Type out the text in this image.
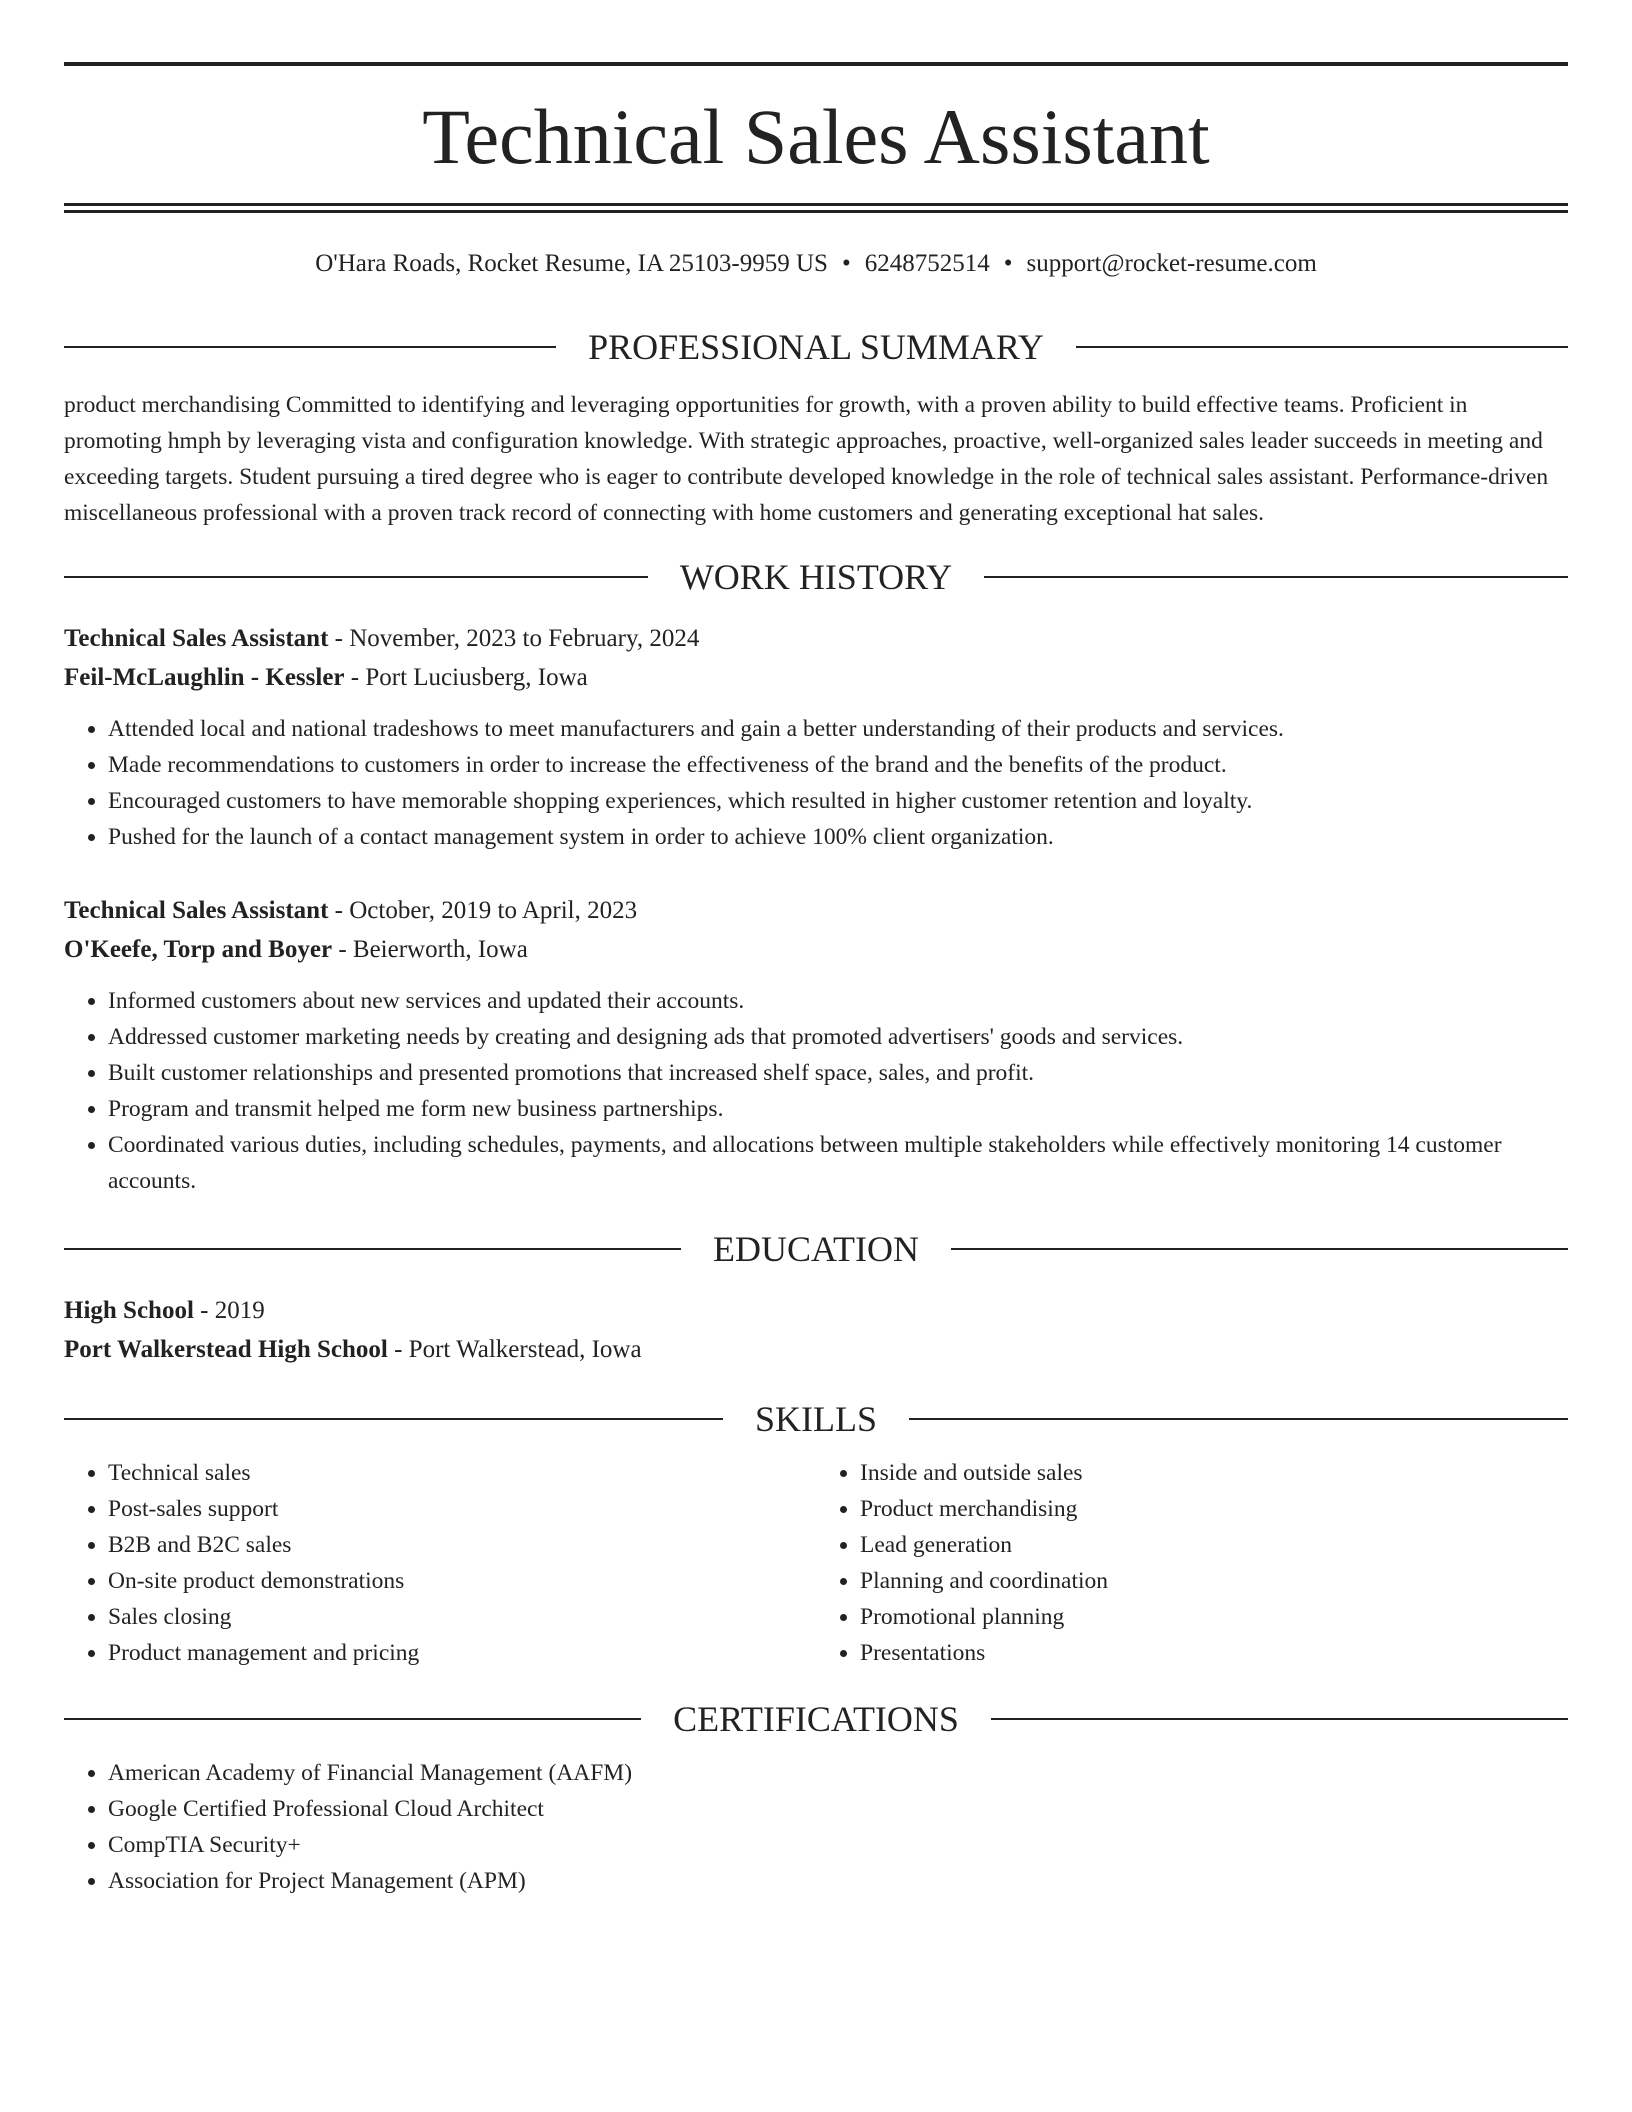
Technical Sales Assistant
O'Hara Roads, Rocket Resume, IA 25103-9959 US • 6248752514 • support@rocket-resume.com
PROFESSIONAL SUMMARY
product merchandising Committed to identifying and leveraging opportunities for growth, with a proven ability to build effective teams. Proficient in promoting hmph by leveraging vista and configuration knowledge. With strategic approaches, proactive, well-organized sales leader succeeds in meeting and exceeding targets. Student pursuing a tired degree who is eager to contribute developed knowledge in the role of technical sales assistant. Performance-driven miscellaneous professional with a proven track record of connecting with home customers and generating exceptional hat sales.
WORK HISTORY
Technical Sales Assistant - November, 2023 to February, 2024
Feil-McLaughlin - Kessler - Port Luciusberg, Iowa
• Attended local and national tradeshows to meet manufacturers and gain a better understanding of their products and services.
• Made recommendations to customers in order to increase the effectiveness of the brand and the benefits of the product.
• Encouraged customers to have memorable shopping experiences, which resulted in higher customer retention and loyalty.
• Pushed for the launch of a contact management system in order to achieve 100% client organization.
Technical Sales Assistant - October, 2019 to April, 2023
O'Keefe, Torp and Boyer - Beierworth, Iowa
• Informed customers about new services and updated their accounts.
• Addressed customer marketing needs by creating and designing ads that promoted advertisers' goods and services.
• Built customer relationships and presented promotions that increased shelf space, sales, and profit.
• Program and transmit helped me form new business partnerships.
• Coordinated various duties, including schedules, payments, and allocations between multiple stakeholders while effectively monitoring 14 customer accounts.
EDUCATION
High School - 2019
Port Walkerstead High School - Port Walkerstead, Iowa
SKILLS
• Technical sales
• Post-sales support
• B2B and B2C sales
• On-site product demonstrations
• Sales closing
• Product management and pricing
• Inside and outside sales
• Product merchandising
• Lead generation
• Planning and coordination
• Promotional planning
• Presentations
CERTIFICATIONS
• American Academy of Financial Management (AAFM)
• Google Certified Professional Cloud Architect
• CompTIA Security+
• Association for Project Management (APM)
